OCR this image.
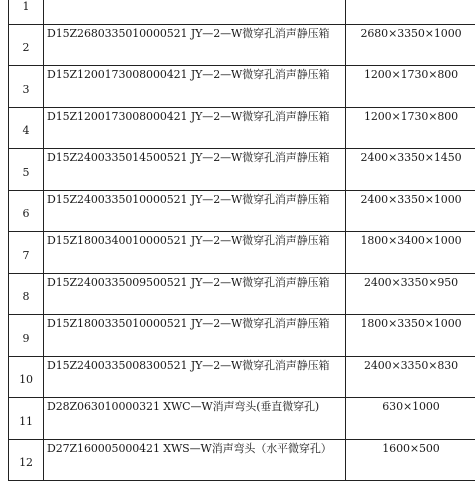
1	

2	D15Z2680335010000521 JY—2—W微穿孔消声静压箱	2680×3350×1000	

3	D15Z1200173008000421 JY—2—W微穿孔消声静压箱	1200×1730×800	

4	D15Z1200173008000421 JY—2—W微穿孔消声静压箱	1200×1730×800	

5	D15Z2400335014500521 JY—2—W微穿孔消声静压箱	2400×3350×1450	

6	D15Z2400335010000521 JY—2—W微穿孔消声静压箱	2400×3350×1000	

7	D15Z1800340010000521 JY—2—W微穿孔消声静压箱	1800×3400×1000	

8	D15Z2400335009500521 JY—2—W微穿孔消声静压箱	2400×3350×950	

9	D15Z1800335010000521 JY—2—W微穿孔消声静压箱	1800×3350×1000	

10	D15Z2400335008300521 JY—2—W微穿孔消声静压箱	2400×3350×830	

11	D28Z063010000321 XWC—W消声弯头(垂直微穿孔)	630×1000	

12	D27Z160005000421 XWS—W消声弯头（水平微穿孔）	1600×500	
